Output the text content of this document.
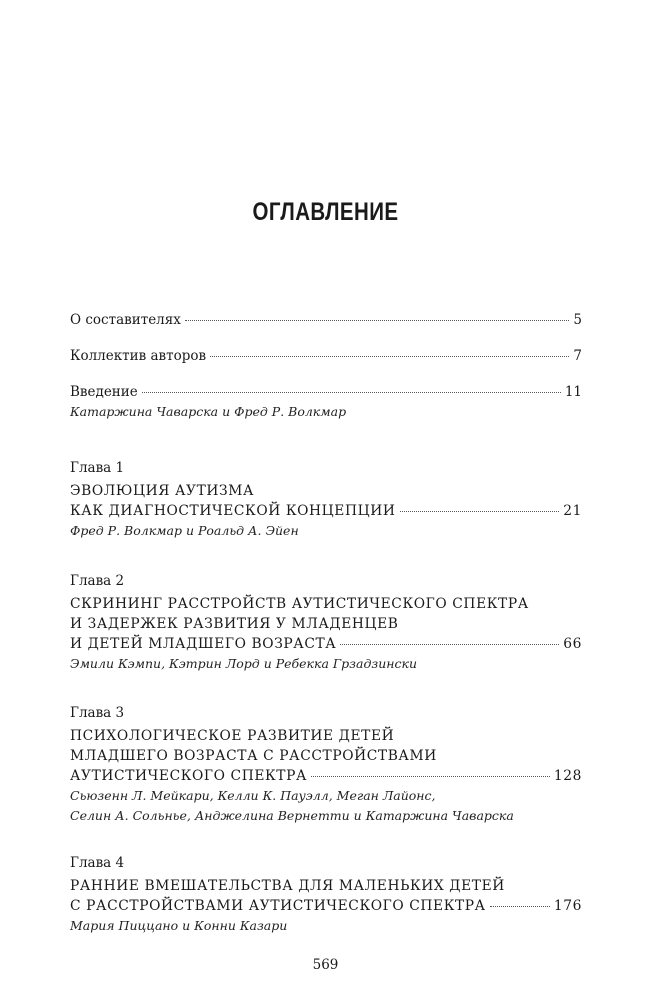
ОГЛАВЛЕНИЕ
О составителях	5
Коллектив авторов	7
Введение	11
Катаржина Чаварска и Фред Р. Волкмар
Глава 1
ЭВОЛЮЦИЯ АУТИЗМА
КАК ДИАГНОСТИЧЕСКОЙ КОНЦЕПЦИИ	21
Фред Р. Волкмар и Роальд А. Эйен
Глава 2
СКРИНИНГ РАССТРОЙСТВ АУТИСТИЧЕСКОГО СПЕКТРА
И ЗАДЕРЖЕК РАЗВИТИЯ У МЛАДЕНЦЕВ
И ДЕТЕЙ МЛАДШЕГО ВОЗРАСТА	66
Эмили Кэмпи, Кэтрин Лорд и Ребекка Грзадзински
Глава 3
ПСИХОЛОГИЧЕСКОЕ РАЗВИТИЕ ДЕТЕЙ
МЛАДШЕГО ВОЗРАСТА С РАССТРОЙСТВАМИ
АУТИСТИЧЕСКОГО СПЕКТРА	128
Сьюзенн Л. Мейкари, Келли К. Пауэлл, Меган Лайонс,
Селин А. Сольнье, Анджелина Вернетти и Катаржина Чаварска
Глава 4
РАННИЕ ВМЕШАТЕЛЬСТВА ДЛЯ МАЛЕНЬКИХ ДЕТЕЙ
С РАССТРОЙСТВАМИ АУТИСТИЧЕСКОГО СПЕКТРА	176
Мария Пиццано и Конни Казари
569
